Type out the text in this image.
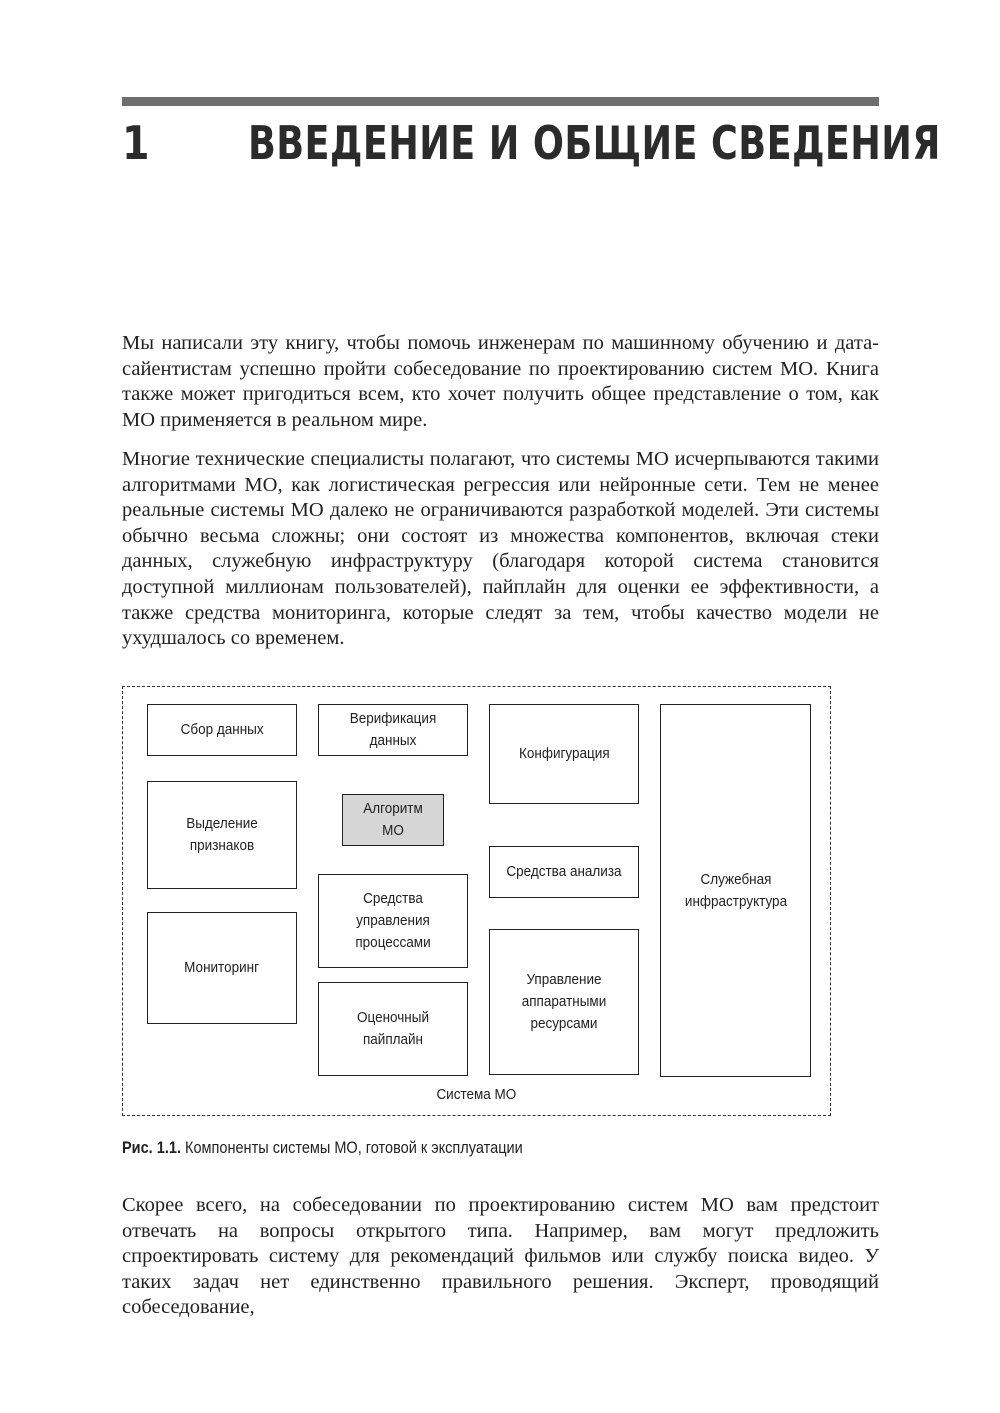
1 ВВЕДЕНИЕ И ОБЩИЕ СВЕДЕНИЯ

Мы написали эту книгу, чтобы помочь инженерам по машинному обучению и дата-сайентистам успешно пройти собеседование по проектированию систем МО. Книга также может пригодиться всем, кто хочет получить общее представление о том, как МО применяется в реальном мире.

Многие технические специалисты полагают, что системы МО исчерпываются такими алгоритмами МО, как логистическая регрессия или нейронные сети. Тем не менее реальные системы МО далеко не ограничиваются разработкой моделей. Эти системы обычно весьма сложны; они состоят из множества компонентов, включая стеки данных, служебную инфраструктуру (благодаря которой система становится доступной миллионам пользователей), пайплайн для оценки ее эффективности, а также средства мониторинга, которые следят за тем, чтобы качество модели не ухудшалось со временем.

Сбор данных
Верификация данных
Конфигурация
Служебная инфраструктура
Выделение признаков
Алгоритм МО
Средства анализа
Средства управления процессами
Мониторинг
Управление аппаратными ресурсами
Оценочный пайплайн
Система МО
Рис. 1.1. Компоненты системы МО, готовой к эксплуатации

Скорее всего, на собеседовании по проектированию систем МО вам предстоит отвечать на вопросы открытого типа. Например, вам могут предложить спроектировать систему для рекомендаций фильмов или службу поиска видео. У таких задач нет единственно правильного решения. Эксперт, проводящий собеседование,
